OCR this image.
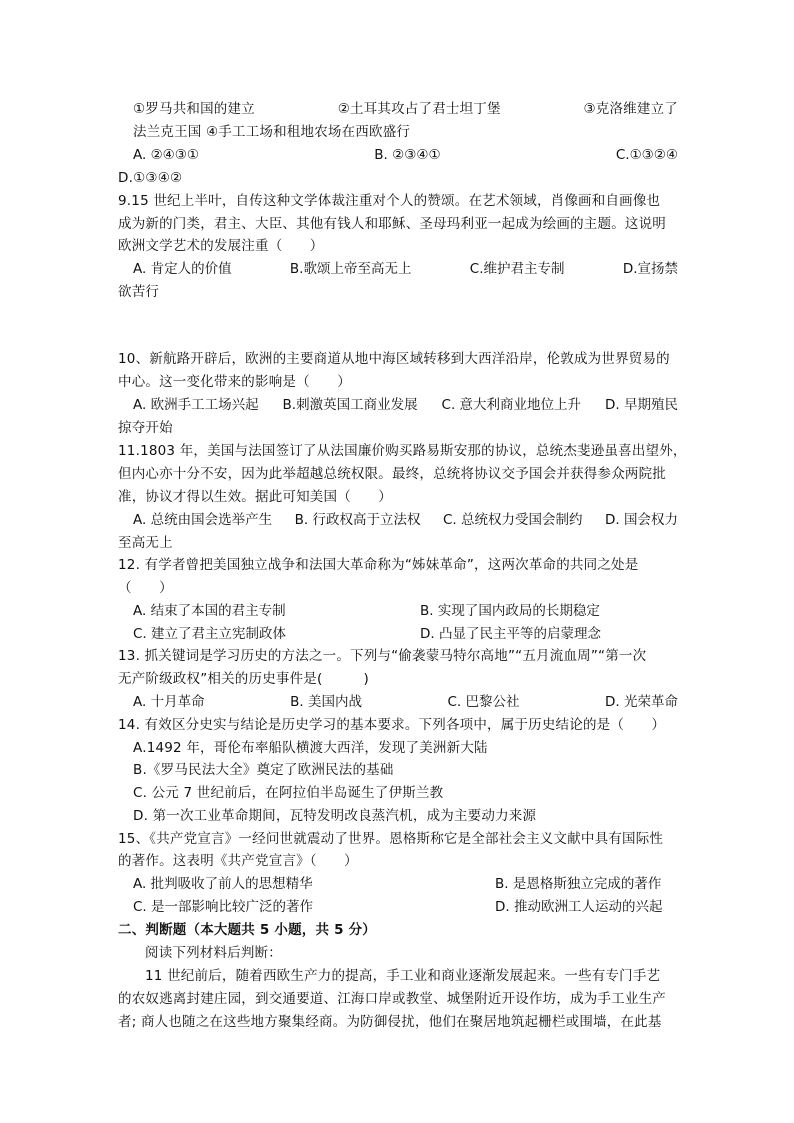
①罗马共和国的建立	②土耳其攻占了君士坦丁堡	③克洛维建立了
法兰克王国 ④手工工场和租地农场在西欧盛行
A. ②④③①	B. ②③④①	C.①③②④
D.①③④②
9.15 世纪上半叶，自传这种文学体裁注重对个人的赞颂。在艺术领域，肖像画和自画像也
成为新的门类，君主、大臣、其他有钱人和耶稣、圣母玛利亚一起成为绘画的主题。这说明
欧洲文学艺术的发展注重（　　）
A. 肯定人的价值	B.歌颂上帝至高无上	C.维护君主专制	D.宣扬禁
欲苦行
10、新航路开辟后，欧洲的主要商道从地中海区域转移到大西洋沿岸，伦敦成为世界贸易的
中心。这一变化带来的影响是（　　）
A. 欧洲手工工场兴起 B.刺激英国工商业发展 C. 意大利商业地位上升 D. 早期殖民
掠夺开始
11.1803 年，美国与法国签订了从法国廉价购买路易斯安那的协议，总统杰斐逊虽喜出望外，
但内心亦十分不安，因为此举超越总统权限。最终，总统将协议交予国会并获得参众两院批
准，协议才得以生效。据此可知美国（　　）
A. 总统由国会选举产生 B. 行政权高于立法权 C. 总统权力受国会制约 D. 国会权力
至高无上
12. 有学者曾把美国独立战争和法国大革命称为“姊妹革命”，这两次革命的共同之处是
（　　）
A. 结束了本国的君主专制	B. 实现了国内政局的长期稳定
C. 建立了君主立宪制政体	D. 凸显了民主平等的启蒙理念
13. 抓关键词是学习历史的方法之一。下列与“偷袭蒙马特尔高地”“五月流血周”“第一次
无产阶级政权”相关的历史事件是(　　　)
A. 十月革命	B. 美国内战	C. 巴黎公社	D. 光荣革命
14. 有效区分史实与结论是历史学习的基本要求。下列各项中，属于历史结论的是（　　）
A.1492 年，哥伦布率船队横渡大西洋，发现了美洲新大陆
B.《罗马民法大全》奠定了欧洲民法的基础
C. 公元 7 世纪前后，在阿拉伯半岛诞生了伊斯兰教
D. 第一次工业革命期间，瓦特发明改良蒸汽机，成为主要动力来源
15、《共产党宣言》一经问世就震动了世界。恩格斯称它是全部社会主义文献中具有国际性
的著作。这表明《共产党宣言》（　　）
A. 批判吸收了前人的思想精华	B. 是恩格斯独立完成的著作
C. 是一部影响比较广泛的著作	D. 推动欧洲工人运动的兴起
二、判断题（本大题共 5 小题，共 5 分）
阅读下列材料后判断：
11 世纪前后，随着西欧生产力的提高，手工业和商业逐渐发展起来。一些有专门手艺
的农奴逃离封建庄园，到交通要道、江海口岸或教堂、城堡附近开设作坊，成为手工业生产
者; 商人也随之在这些地方聚集经商。为防御侵扰，他们在聚居地筑起栅栏或围墙，在此基
